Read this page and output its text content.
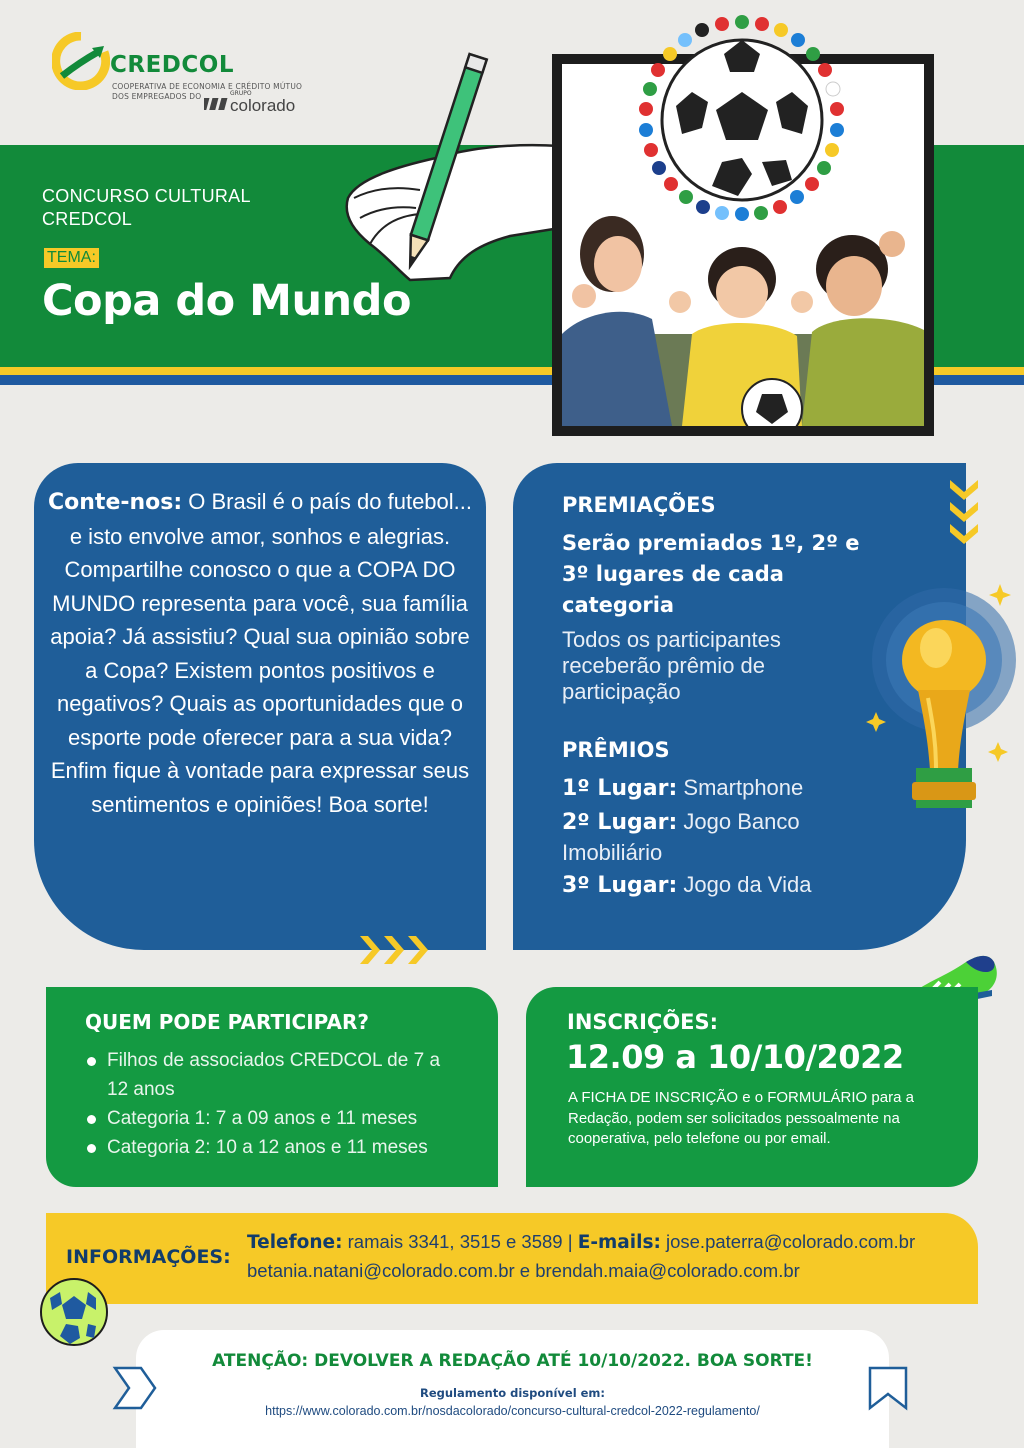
CREDCOL
COOPERATIVA DE ECONOMIA E CRÉDITO MÚTUO
DOS EMPREGADOS DO	GRUPO
colorado
CONCURSO CULTURAL
CREDCOL
TEMA:
Copa do Mundo
Conte-nos: O Brasil é o país do futebol... e isto envolve amor, sonhos e alegrias. Compartilhe conosco o que a COPA DO MUNDO representa para você, sua família apoia? Já assistiu? Qual sua opinião sobre a Copa? Existem pontos positivos e negativos? Quais as oportunidades que o esporte pode oferecer para a sua vida? Enfim fique à vontade para expressar seus sentimentos e opiniões! Boa sorte!
PREMIAÇÕES
Serão premiados 1º, 2º e 3º lugares de cada categoria
Todos os participantes receberão prêmio de participação
PRÊMIOS
1º Lugar: Smartphone
2º Lugar: Jogo Banco Imobiliário
3º Lugar: Jogo da Vida
QUEM PODE PARTICIPAR?
Filhos de associados CREDCOL de 7 a 12 anos
Categoria 1: 7 a 09 anos e 11 meses
Categoria 2: 10 a 12 anos e 11 meses
INSCRIÇÕES:
12.09 a 10/10/2022
A FICHA DE INSCRIÇÃO e o FORMULÁRIO para a Redação, podem ser solicitados pessoalmente na cooperativa, pelo telefone ou por email.
INFORMAÇÕES:
Telefone: ramais 3341, 3515 e 3589 | E-mails: jose.paterra@colorado.com.br
betania.natani@colorado.com.br e brendah.maia@colorado.com.br
ATENÇÃO: DEVOLVER A REDAÇÃO ATÉ 10/10/2022. BOA SORTE!
Regulamento disponível em:
https://www.colorado.com.br/nosdacolorado/concurso-cultural-credcol-2022-regulamento/
